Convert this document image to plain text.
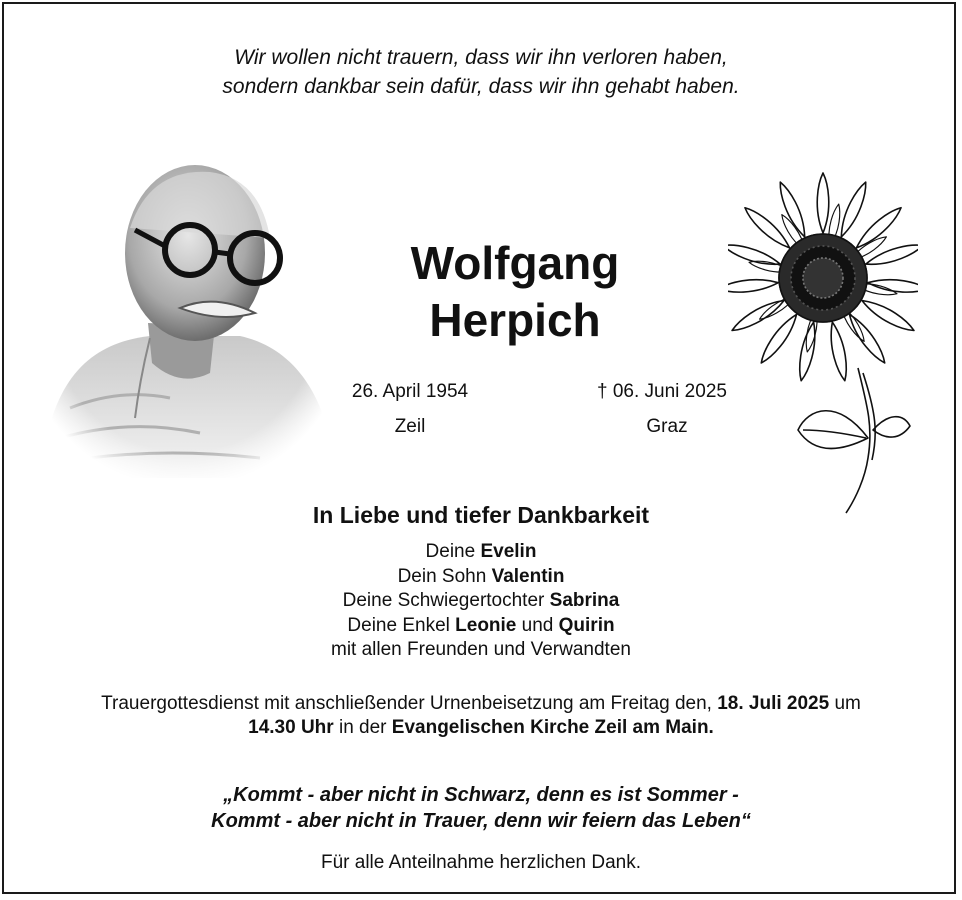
Wir wollen nicht trauern, dass wir ihn verloren haben,
sondern dankbar sein dafür, dass wir ihn gehabt haben.
Wolfgang
Herpich
26. April 1954	† 06. Juni 2025
Zeil	Graz
In Liebe und tiefer Dankbarkeit
Deine Evelin
Dein Sohn Valentin
Deine Schwiegertochter Sabrina
Deine Enkel Leonie und Quirin
mit allen Freunden und Verwandten
Trauergottesdienst mit anschließender Urnenbeisetzung am Freitag den, 18. Juli 2025 um
14.30 Uhr in der Evangelischen Kirche Zeil am Main.
„Kommt - aber nicht in Schwarz, denn es ist Sommer -
Kommt - aber nicht in Trauer, denn wir feiern das Leben“
Für alle Anteilnahme herzlichen Dank.
